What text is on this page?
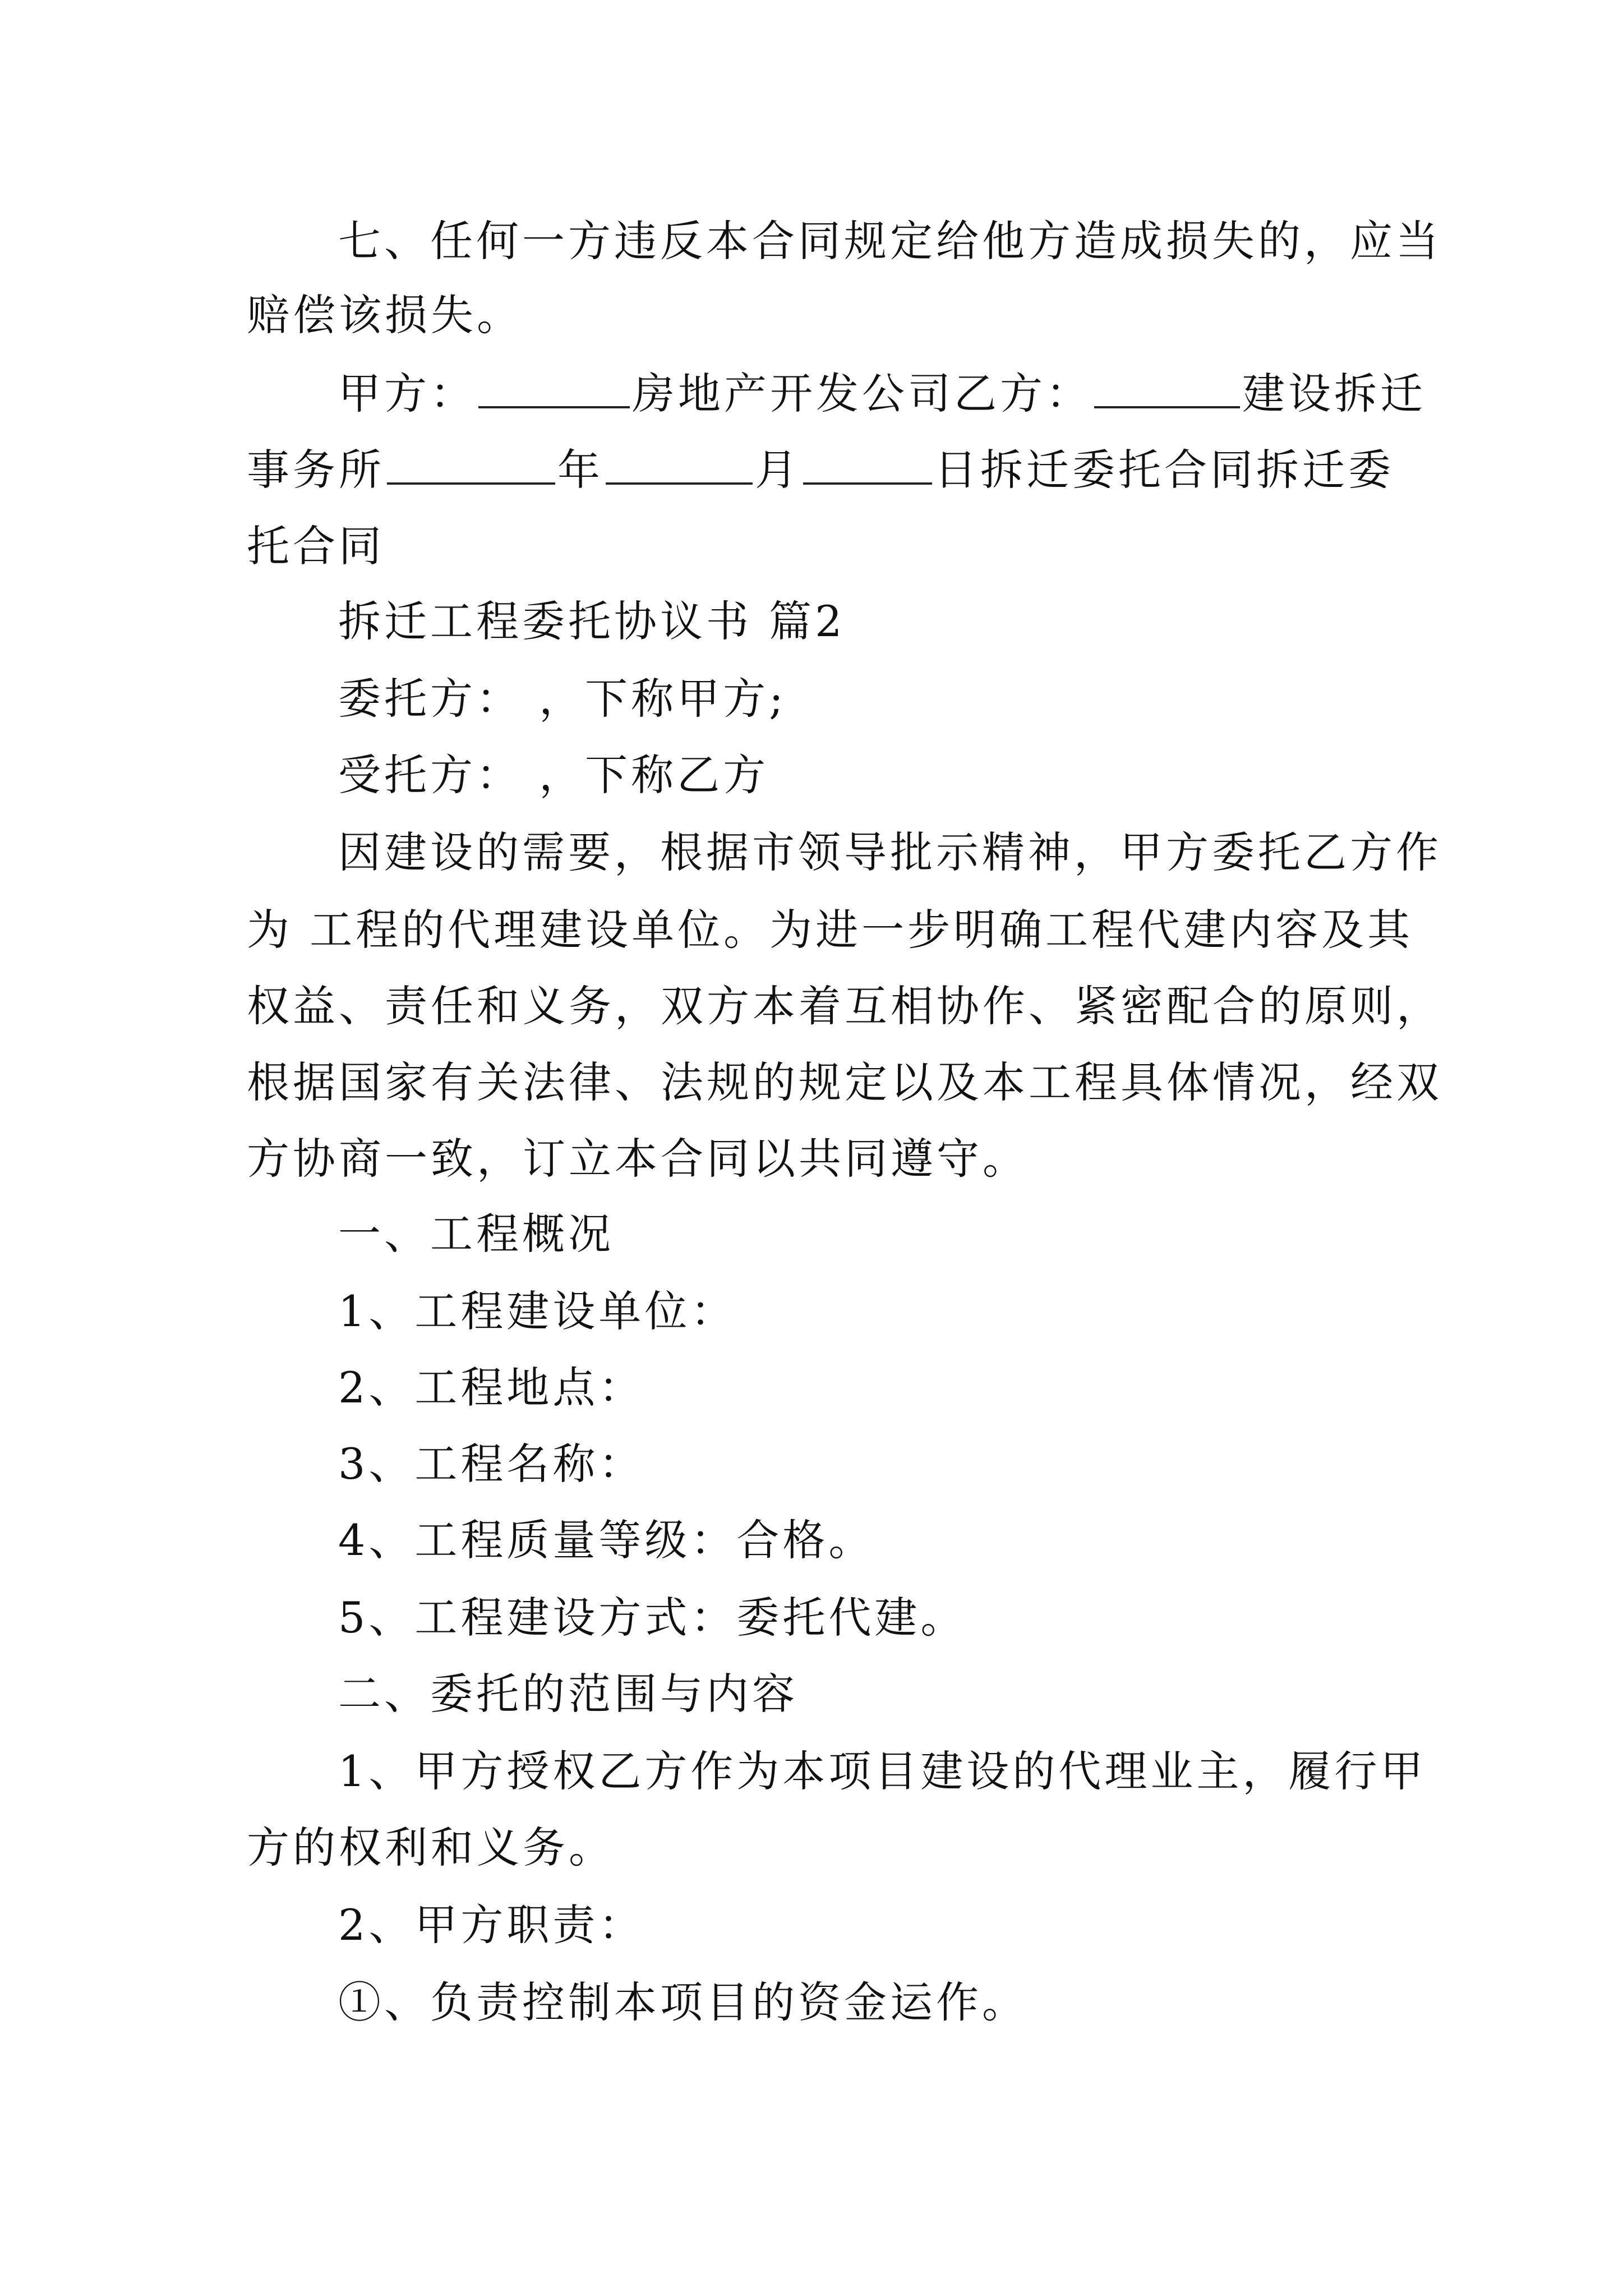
七、任何一方违反本合同规定给他方造成损失的，应当
赔偿该损失。
甲方：	房地产开发公司乙方：	建设拆迁
事务所	年	月	日拆迁委托合同拆迁委
托合同
拆迁工程委托协议书 篇2
委托方： ，下称甲方;
受托方： ，下称乙方
因建设的需要，根据市领导批示精神，甲方委托乙方作
为 工程的代理建设单位。为进一步明确工程代建内容及其
权益、责任和义务，双方本着互相协作、紧密配合的原则，
根据国家有关法律、法规的规定以及本工程具体情况，经双
方协商一致，订立本合同以共同遵守。
一、工程概况
1、工程建设单位：
2、工程地点：
3、工程名称：
4、工程质量等级：合格。
5、工程建设方式：委托代建。
二、委托的范围与内容
1、甲方授权乙方作为本项目建设的代理业主，履行甲
方的权利和义务。
2、甲方职责：
①、负责控制本项目的资金运作。
